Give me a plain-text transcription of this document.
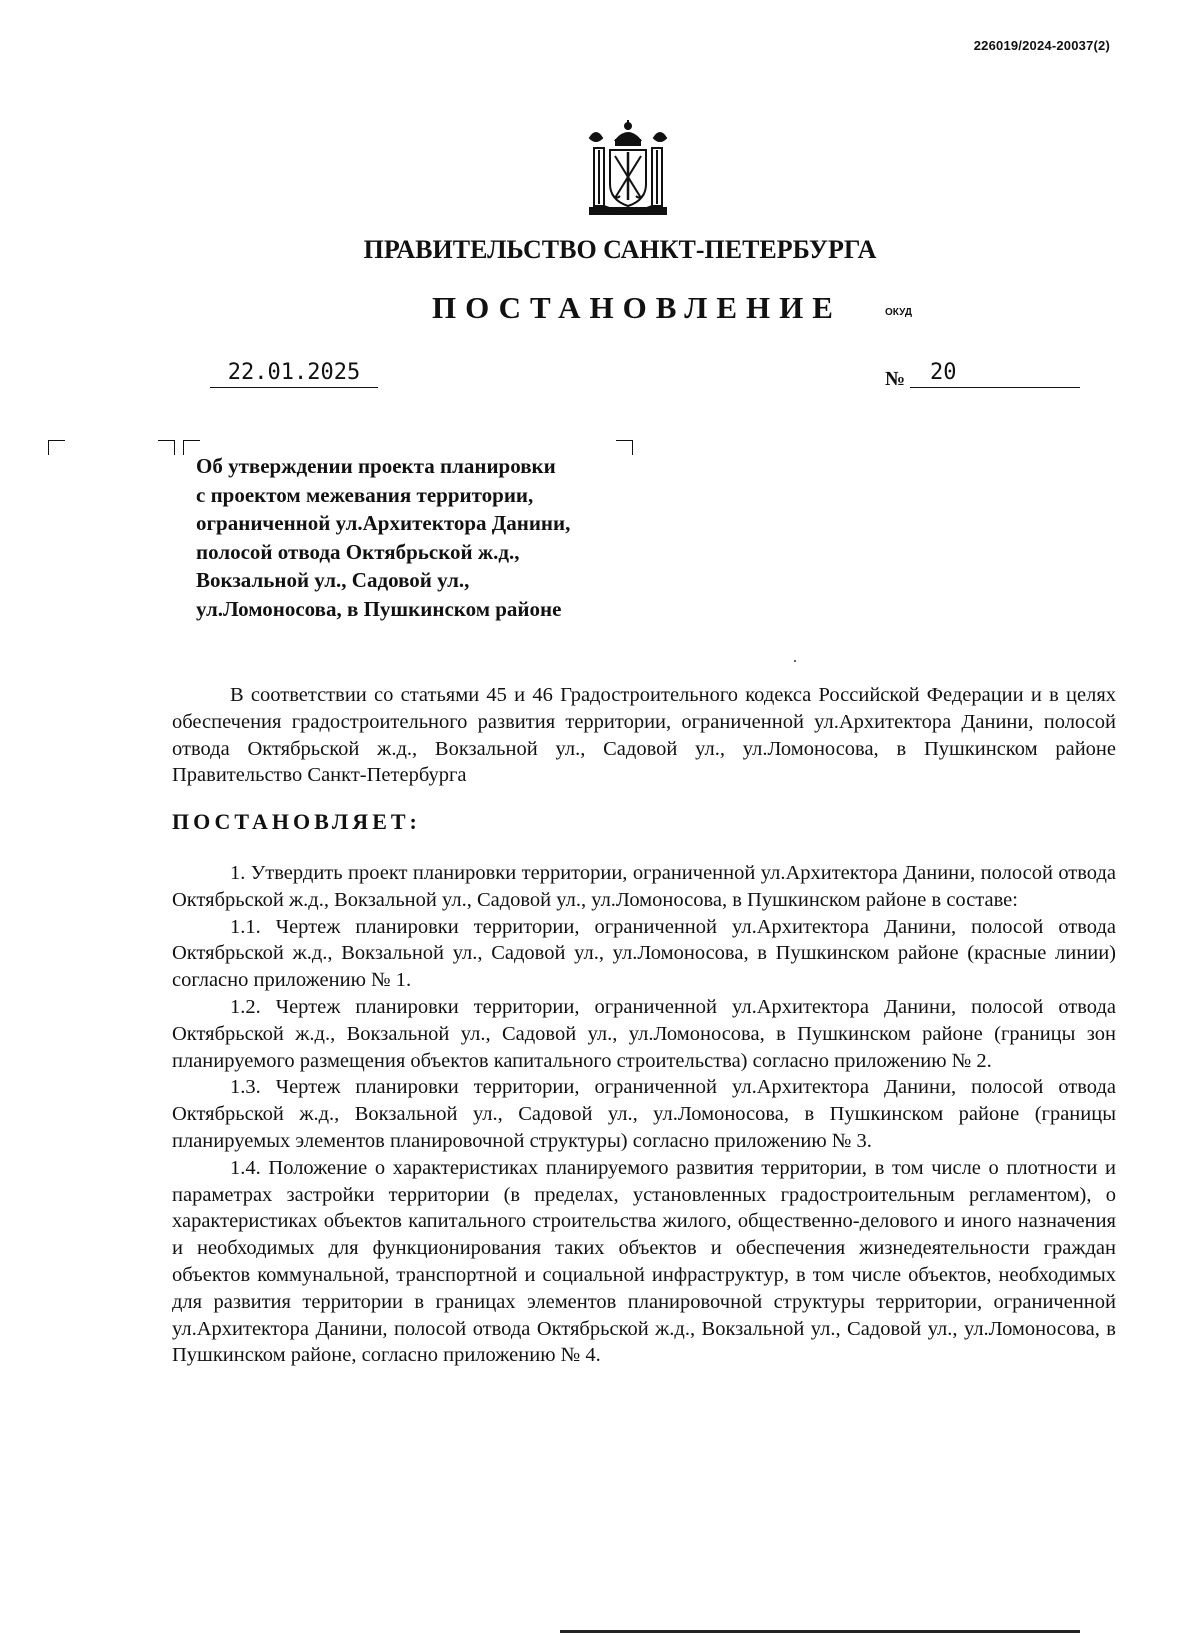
226019/2024-20037(2)
ПРАВИТЕЛЬСТВО САНКТ-ПЕТЕРБУРГА
ПОСТАНОВЛЕНИЕ	ОКУД
22.01.2025	№	20
Об утверждении проекта планировки
с проектом межевания территории,
ограниченной ул.Архитектора Данини,
полосой отвода Октябрьской ж.д.,
Вокзальной ул., Садовой ул.,
ул.Ломоносова, в Пушкинском районе

В соответствии со статьями 45 и 46 Градостроительного кодекса Российской Федерации и в целях обеспечения градостроительного развития территории, ограниченной ул.Архитектора Данини, полосой отвода Октябрьской ж.д., Вокзальной ул., Садовой ул., ул.Ломоносова, в Пушкинском районе Правительство Санкт-Петербурга

ПОСТАНОВЛЯЕТ:

1. Утвердить проект планировки территории, ограниченной ул.Архитектора Данини, полосой отвода Октябрьской ж.д., Вокзальной ул., Садовой ул., ул.Ломоносова, в Пушкинском районе в составе:

1.1. Чертеж планировки территории, ограниченной ул.Архитектора Данини, полосой отвода Октябрьской ж.д., Вокзальной ул., Садовой ул., ул.Ломоносова, в Пушкинском районе (красные линии) согласно приложению № 1.

1.2. Чертеж планировки территории, ограниченной ул.Архитектора Данини, полосой отвода Октябрьской ж.д., Вокзальной ул., Садовой ул., ул.Ломоносова, в Пушкинском районе (границы зон планируемого размещения объектов капитального строительства) согласно приложению № 2.

1.3. Чертеж планировки территории, ограниченной ул.Архитектора Данини, полосой отвода Октябрьской ж.д., Вокзальной ул., Садовой ул., ул.Ломоносова, в Пушкинском районе (границы планируемых элементов планировочной структуры) согласно приложению № 3.

1.4. Положение о характеристиках планируемого развития территории, в том числе о плотности и параметрах застройки территории (в пределах, установленных градостроительным регламентом), о характеристиках объектов капитального строительства жилого, общественно-делового и иного назначения и необходимых для функционирования таких объектов и обеспечения жизнедеятельности граждан объектов коммунальной, транспортной и социальной инфраструктур, в том числе объектов, необходимых для развития территории в границах элементов планировочной структуры территории, ограниченной ул.Архитектора Данини, полосой отвода Октябрьской ж.д., Вокзальной ул., Садовой ул., ул.Ломоносова, в Пушкинском районе, согласно приложению № 4.
